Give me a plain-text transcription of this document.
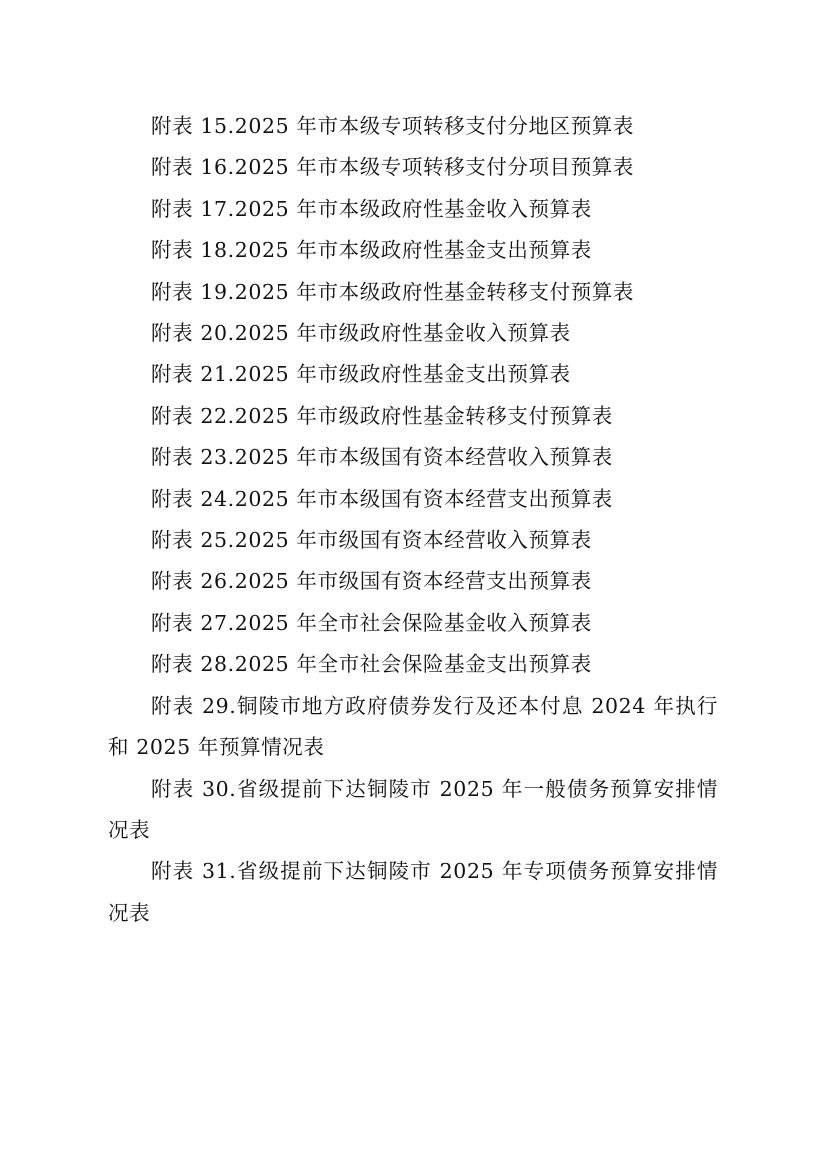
附表 15.2025 年市本级专项转移支付分地区预算表

附表 16.2025 年市本级专项转移支付分项目预算表

附表 17.2025 年市本级政府性基金收入预算表

附表 18.2025 年市本级政府性基金支出预算表

附表 19.2025 年市本级政府性基金转移支付预算表

附表 20.2025 年市级政府性基金收入预算表

附表 21.2025 年市级政府性基金支出预算表

附表 22.2025 年市级政府性基金转移支付预算表

附表 23.2025 年市本级国有资本经营收入预算表

附表 24.2025 年市本级国有资本经营支出预算表

附表 25.2025 年市级国有资本经营收入预算表

附表 26.2025 年市级国有资本经营支出预算表

附表 27.2025 年全市社会保险基金收入预算表

附表 28.2025 年全市社会保险基金支出预算表

附表 29.铜陵市地方政府债券发行及还本付息 2024 年执行和 2025 年预算情况表

附表 30.省级提前下达铜陵市 2025 年一般债务预算安排情况表

附表 31.省级提前下达铜陵市 2025 年专项债务预算安排情况表
